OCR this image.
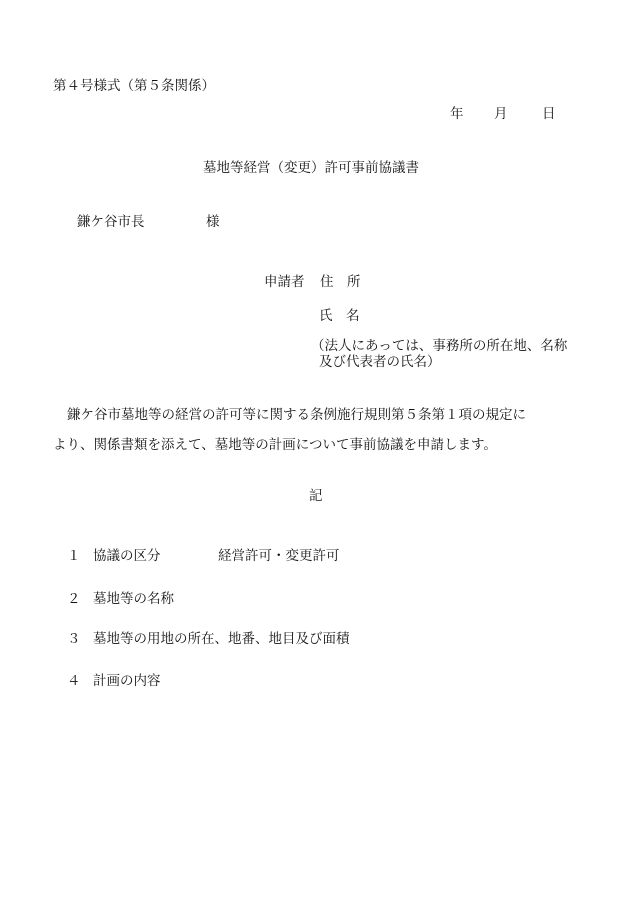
第４号様式（第５条関係）
年 月	日
墓地等経営（変更）許可事前協議書
鎌ケ谷市長	様
申請者 住　所
氏　名
（法人にあっては、事務所の所在地、名称
及び代表者の氏名）
鎌ケ谷市墓地等の経営の許可等に関する条例施行規則第５条第１項の規定に
より、関係書類を添えて、墓地等の計画について事前協議を申請します。
記
１ 協議の区分	経営許可・変更許可
２ 墓地等の名称
３ 墓地等の用地の所在、地番、地目及び面積
４ 計画の内容
